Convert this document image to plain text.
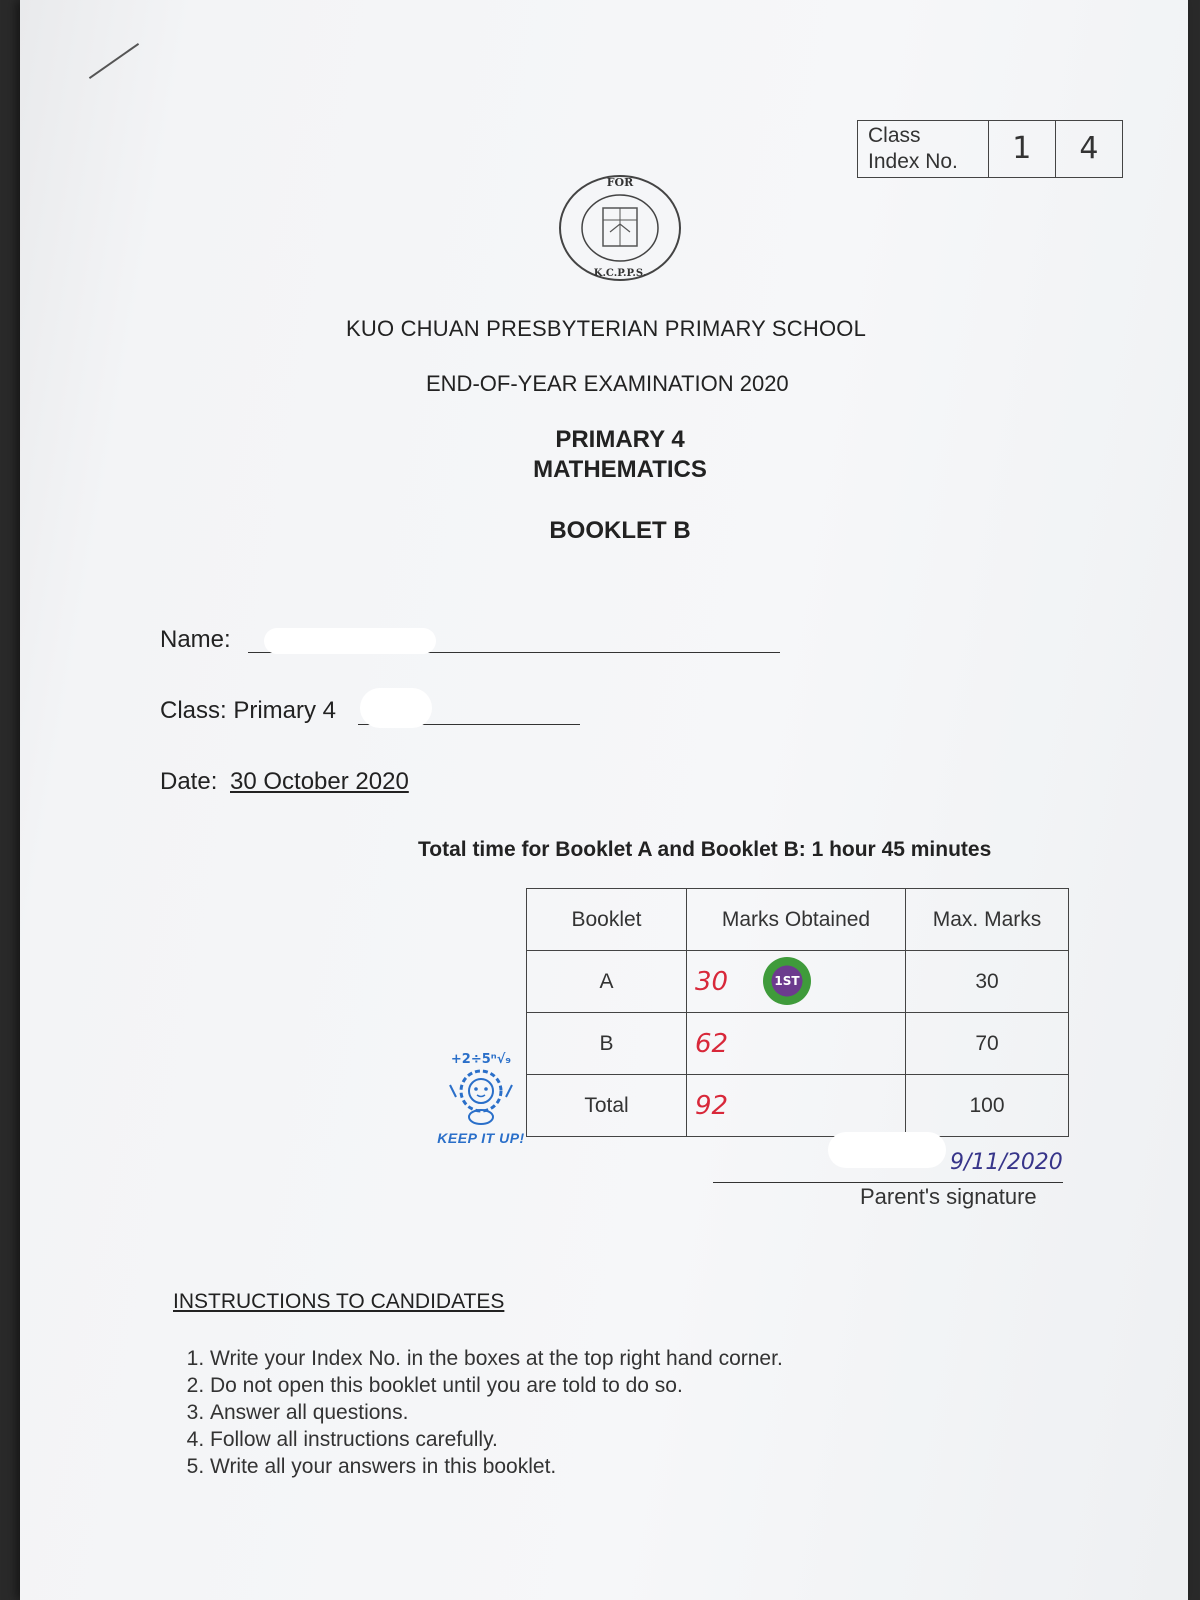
Class
Index No.	1	4
FOR
K.C.P.P.S.
KUO CHUAN PRESBYTERIAN PRIMARY SCHOOL
END-OF-YEAR EXAMINATION 2020
PRIMARY 4
MATHEMATICS
BOOKLET B
Name:
Class: Primary 4
Date: 30 October 2020
Total time for Booklet A and Booklet B: 1 hour 45 minutes
Booklet	Marks Obtained	Max. Marks
A	30 1ST	30
B	62	70
Total	92	100
+2÷5ⁿ√₉
KEEP IT UP!
9/11/2020
Parent's signature
INSTRUCTIONS TO CANDIDATES
1. Write your Index No. in the boxes at the top right hand corner.
2. Do not open this booklet until you are told to do so.
3. Answer all questions.
4. Follow all instructions carefully.
5. Write all your answers in this booklet.
